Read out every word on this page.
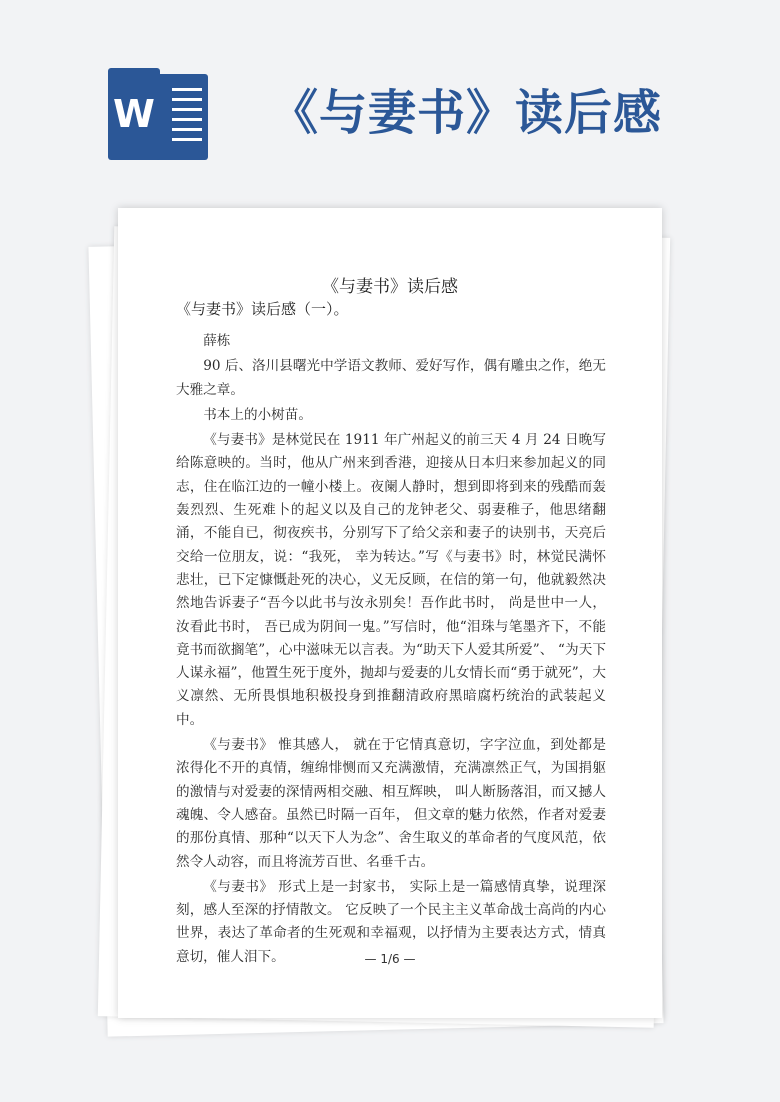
W 《与妻书》读后感
《与妻书》读后感
《与妻书》读后感（一）。

薛栋

90 后、洛川县曙光中学语文教师、爱好写作，偶有雕虫之作，绝无大雅之章。

书本上的小树苗。

《与妻书》是林觉民在 1911 年广州起义的前三天 4 月 24 日晚写给陈意映的。当时，他从广州来到香港，迎接从日本归来参加起义的同志，住在临江边的一幢小楼上。夜阑人静时，想到即将到来的残酷而轰轰烈烈、生死难卜的起义以及自己的龙钟老父、弱妻稚子，他思绪翻涌，不能自已，彻夜疾书，分别写下了给父亲和妻子的诀别书，天亮后交给一位朋友，说：“我死， 幸为转达。”写《与妻书》时，林觉民满怀悲壮，已下定慷慨赴死的决心，义无反顾，在信的第一句，他就毅然决然地告诉妻子“吾今以此书与汝永别矣！吾作此书时， 尚是世中一人， 汝看此书时， 吾已成为阴间一鬼。”写信时，他“泪珠与笔墨齐下，不能竟书而欲搁笔”，心中滋味无以言表。为“助天下人爱其所爱”、 “为天下人谋永福”，他置生死于度外，抛却与爱妻的儿女情长而“勇于就死”，大义凛然、无所畏惧地积极投身到推翻清政府黑暗腐朽统治的武装起义中。

《与妻书》 惟其感人， 就在于它情真意切，字字泣血，到处都是浓得化不开的真情，缠绵悱恻而又充满激情，充满凛然正气，为国捐躯的激情与对爱妻的深情两相交融、相互辉映， 叫人断肠落泪，而又撼人魂魄、令人感奋。虽然已时隔一百年， 但文章的魅力依然，作者对爱妻的那份真情、那种“以天下人为念”、舍生取义的革命者的气度风范，依然令人动容，而且将流芳百世、名垂千古。

《与妻书》 形式上是一封家书， 实际上是一篇感情真挚，说理深刻，感人至深的抒情散文。 它反映了一个民主主义革命战士高尚的内心世界，表达了革命者的生死观和幸福观，以抒情为主要表达方式，情真意切，催人泪下。	— 1/6 —
